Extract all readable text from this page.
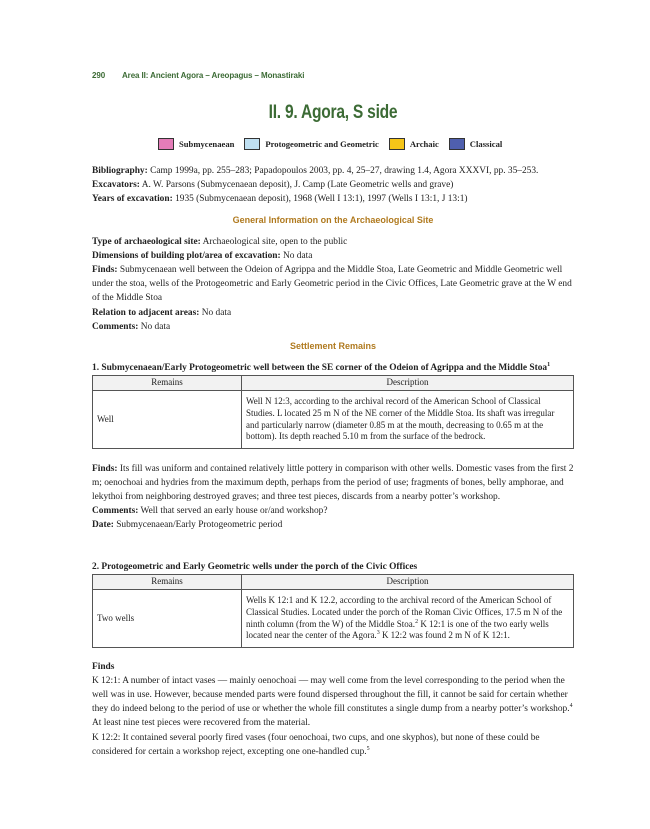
290 Area II: Ancient Agora – Areopagus – Monastiraki
II. 9. Agora, S side
Submycenaean	Protogeometric and Geometric	Archaic	Classical

Bibliography: Camp 1999a, pp. 255–283; Papadopoulos 2003, pp. 4, 25–27, drawing 1.4, Agora XXXVI, pp. 35–253.

Excavators: A. W. Parsons (Submycenaean deposit), J. Camp (Late Geometric wells and grave)

Years of excavation: 1935 (Submycenaean deposit), 1968 (Well I 13:1), 1997 (Wells I 13:1, J 13:1)

General Information on the Archaeological Site

Type of archaeological site: Archaeological site, open to the public

Dimensions of building plot/area of excavation: No data

Finds: Submycenaean well between the Odeion of Agrippa and the Middle Stoa, Late Geometric and Middle Geometric well under the stoa, wells of the Protogeometric and Early Geometric period in the Civic Offices, Late Geometric grave at the W end of the Middle Stoa

Relation to adjacent areas: No data

Comments: No data

Settlement Remains

1. Submycenaean/Early Protogeometric well between the SE corner of the Odeion of Agrippa and the Middle Stoa$^1$

Remains	Description
Well	Well N 12:3, according to the archival record of the American School of Classical Studies. L located 25 m N of the NE corner of the Middle Stoa. Its shaft was irregular and particularly narrow (diameter 0.85 m at the mouth, decreasing to 0.65 m at the bottom). Its depth reached 5.10 m from the surface of the bedrock.

Finds: Its fill was uniform and contained relatively little pottery in comparison with other wells. Domestic vases from the first 2 m; oenochoai and hydries from the maximum depth, perhaps from the period of use; fragments of bones, belly amphorae, and lekythoi from neighboring destroyed graves; and three test pieces, discards from a nearby potter’s workshop.

Comments: Well that served an early house or/and workshop?

Date: Submycenaean/Early Protogeometric period

2. Protogeometric and Early Geometric wells under the porch of the Civic Offices

Remains	Description
Two wells	Wells K 12:1 and K 12.2, according to the archival record of the American School of Classical Studies. Located under the porch of the Roman Civic Offices, 17.5 m N of the ninth column (from the W) of the Middle Stoa.$^2$ K 12:1 is one of the two early wells located near the center of the Agora.$^3$ K 12:2 was found 2 m N of K 12:1.

Finds

K 12:1: A number of intact vases — mainly oenochoai — may well come from the level corresponding to the period when the well was in use. However, because mended parts were found dispersed throughout the fill, it cannot be said for certain whether they do indeed belong to the period of use or whether the whole fill constitutes a single dump from a nearby potter’s workshop.$^4$ At least nine test pieces were recovered from the material.

K 12:2: It contained several poorly fired vases (four oenochoai, two cups, and one skyphos), but none of these could be considered for certain a workshop reject, excepting one one-handled cup.$^5$
